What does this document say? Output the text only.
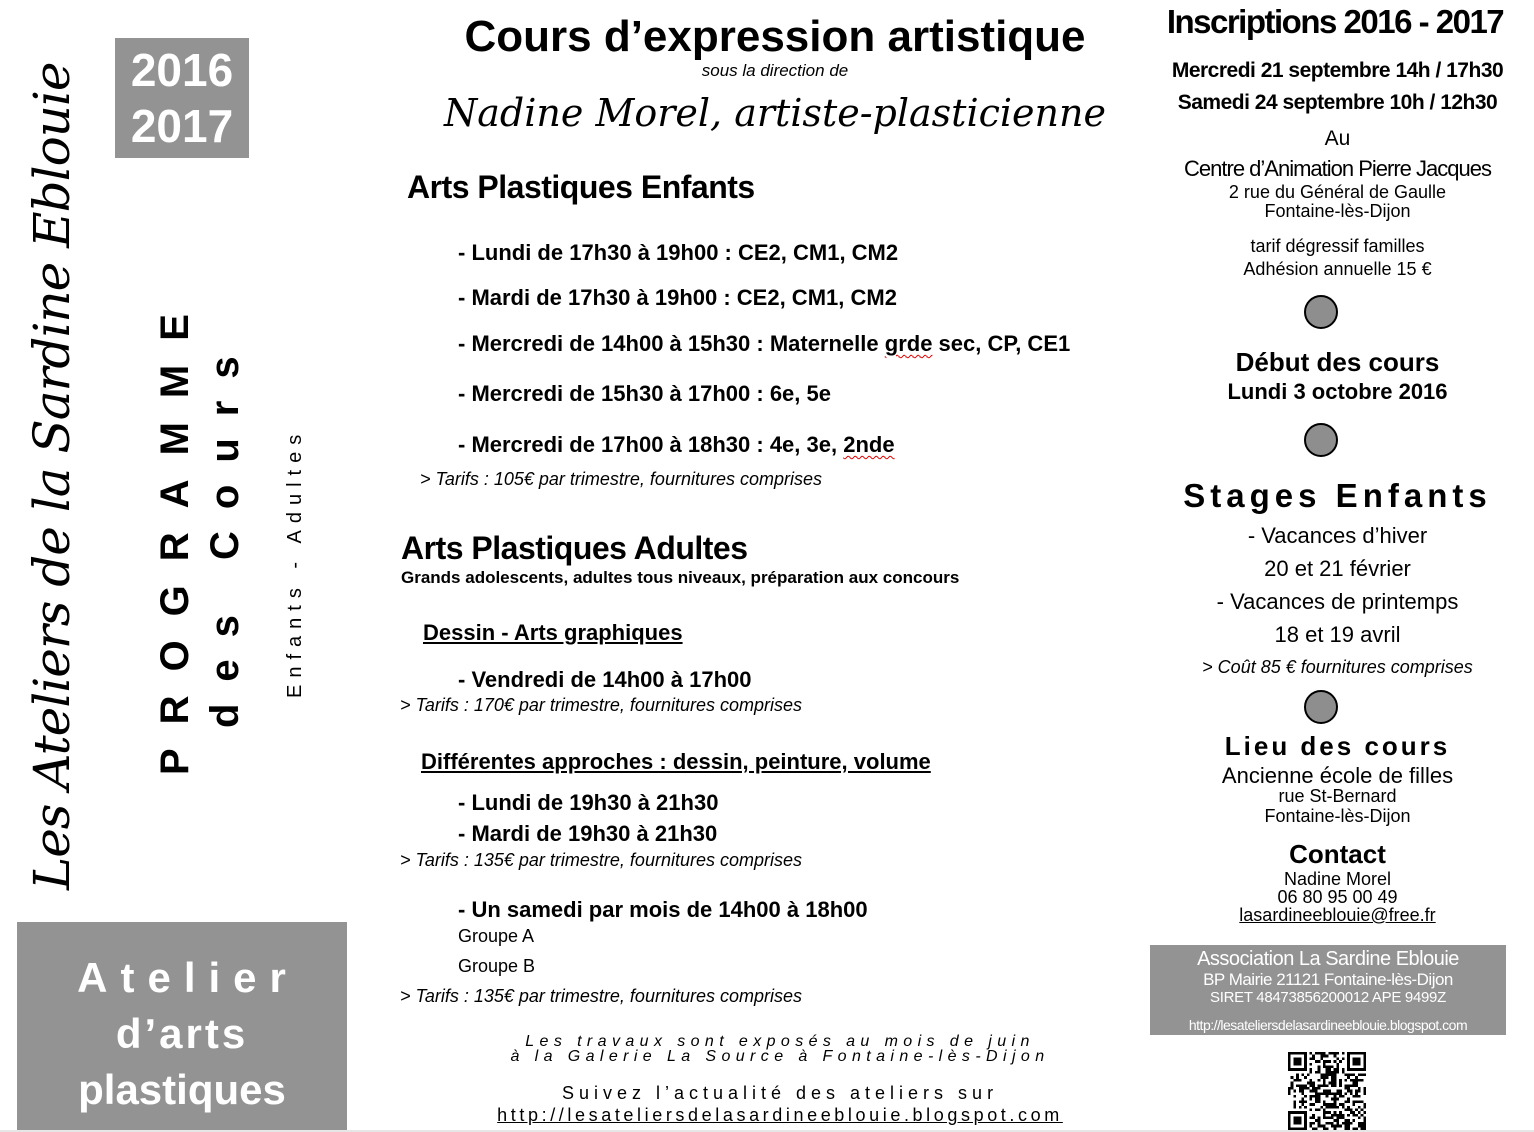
2016
2017
Les Ateliers de la Sardine Eblouie PROGRAMME des Cours Enfants - Adultes
Atelier
d’arts
plastiques
Cours d’expression artistique
sous la direction de
Nadine Morel, artiste-plasticienne
Arts Plastiques Enfants
- Lundi de 17h30 à 19h00 : CE2, CM1, CM2
- Mardi de 17h30 à 19h00 : CE2, CM1, CM2
- Mercredi de 14h00 à 15h30 : Maternelle grde sec, CP, CE1
- Mercredi de 15h30 à 17h00 : 6e, 5e
- Mercredi de 17h00 à 18h30 : 4e, 3e, 2nde
> Tarifs : 105€ par trimestre, fournitures comprises
Arts Plastiques Adultes
Grands adolescents, adultes tous niveaux, préparation aux concours
Dessin - Arts graphiques
- Vendredi de 14h00 à 17h00
> Tarifs : 170€ par trimestre, fournitures comprises
Différentes approches : dessin, peinture, volume
- Lundi de 19h30 à 21h30
- Mardi de 19h30 à 21h30
> Tarifs : 135€ par trimestre, fournitures comprises
- Un samedi par mois de 14h00 à 18h00
Groupe A
Groupe B
> Tarifs : 135€ par trimestre, fournitures comprises
Les travaux sont exposés au mois de juin
à la Galerie La Source à Fontaine-lès-Dijon
Suivez l’actualité des ateliers sur
http://lesateliersdelasardineeblouie.blogspot.com
Inscriptions 2016 - 2017
Mercredi 21 septembre 14h / 17h30
Samedi 24 septembre 10h / 12h30
Au
Centre d’Animation Pierre Jacques
2 rue du Général de Gaulle
Fontaine-lès-Dijon
tarif dégressif familles
Adhésion annuelle 15 €
Début des cours
Lundi 3 octobre 2016
Stages Enfants
- Vacances d’hiver
20 et 21 février
- Vacances de printemps
18 et 19 avril
> Coût 85 € fournitures comprises
Lieu des cours
Ancienne école de filles
rue St-Bernard
Fontaine-lès-Dijon
Contact
Nadine Morel
06 80 95 00 49
lasardineeblouie@free.fr
Association La Sardine Eblouie
BP Mairie 21121 Fontaine-lès-Dijon
SIRET 48473856200012 APE 9499Z
http://lesateliersdelasardineeblouie.blogspot.com
